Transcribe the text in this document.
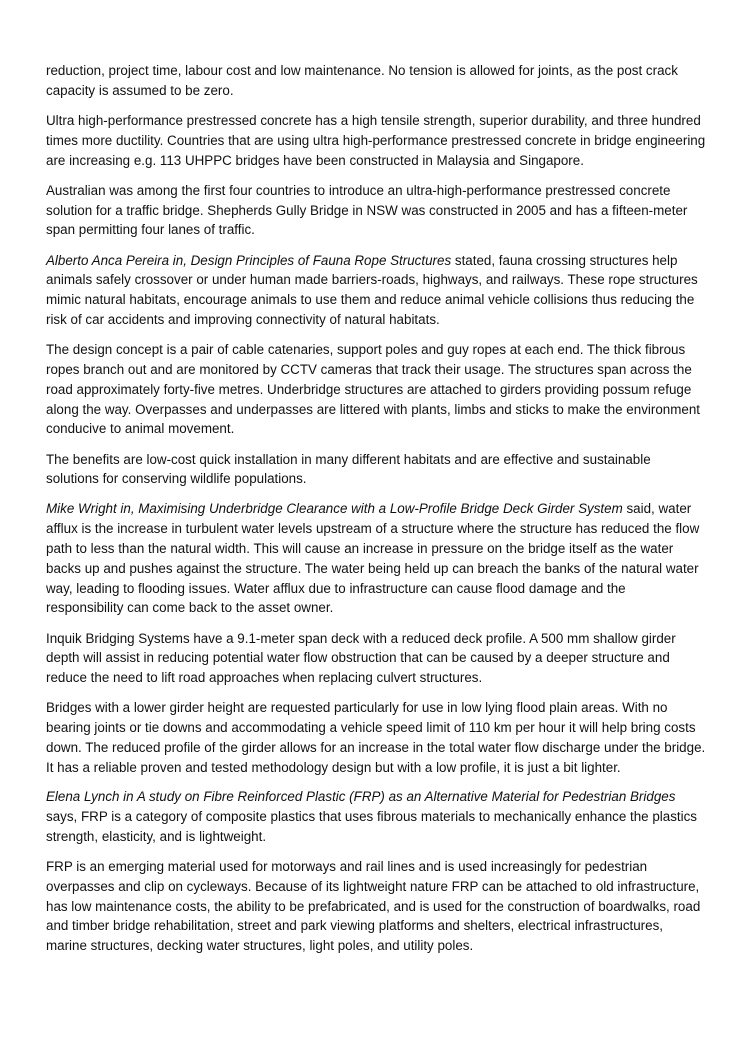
reduction, project time, labour cost and low maintenance. No tension is allowed for joints, as the post crack capacity is assumed to be zero.

Ultra high-performance prestressed concrete has a high tensile strength, superior durability, and three hundred times more ductility. Countries that are using ultra high-performance prestressed concrete in bridge engineering are increasing e.g. 113 UHPPC bridges have been constructed in Malaysia and Singapore.

Australian was among the first four countries to introduce an ultra-high-performance prestressed concrete solution for a traffic bridge. Shepherds Gully Bridge in NSW was constructed in 2005 and has a fifteen-meter span permitting four lanes of traffic.

Alberto Anca Pereira in, Design Principles of Fauna Rope Structures stated, fauna crossing structures help animals safely crossover or under human made barriers-roads, highways, and railways. These rope structures mimic natural habitats, encourage animals to use them and reduce animal vehicle collisions thus reducing the risk of car accidents and improving connectivity of natural habitats.

The design concept is a pair of cable catenaries, support poles and guy ropes at each end. The thick fibrous ropes branch out and are monitored by CCTV cameras that track their usage. The structures span across the road approximately forty-five metres. Underbridge structures are attached to girders providing possum refuge along the way. Overpasses and underpasses are littered with plants, limbs and sticks to make the environment conducive to animal movement.

The benefits are low-cost quick installation in many different habitats and are effective and sustainable solutions for conserving wildlife populations.

Mike Wright in, Maximising Underbridge Clearance with a Low-Profile Bridge Deck Girder System said, water afflux is the increase in turbulent water levels upstream of a structure where the structure has reduced the flow path to less than the natural width. This will cause an increase in pressure on the bridge itself as the water backs up and pushes against the structure. The water being held up can breach the banks of the natural water way, leading to flooding issues. Water afflux due to infrastructure can cause flood damage and the responsibility can come back to the asset owner.

Inquik Bridging Systems have a 9.1-meter span deck with a reduced deck profile. A 500 mm shallow girder depth will assist in reducing potential water flow obstruction that can be caused by a deeper structure and reduce the need to lift road approaches when replacing culvert structures.

Bridges with a lower girder height are requested particularly for use in low lying flood plain areas. With no bearing joints or tie downs and accommodating a vehicle speed limit of 110 km per hour it will help bring costs down. The reduced profile of the girder allows for an increase in the total water flow discharge under the bridge. It has a reliable proven and tested methodology design but with a low profile, it is just a bit lighter.

Elena Lynch in A study on Fibre Reinforced Plastic (FRP) as an Alternative Material for Pedestrian Bridges says, FRP is a category of composite plastics that uses fibrous materials to mechanically enhance the plastics strength, elasticity, and is lightweight.

FRP is an emerging material used for motorways and rail lines and is used increasingly for pedestrian overpasses and clip on cycleways. Because of its lightweight nature FRP can be attached to old infrastructure, has low maintenance costs, the ability to be prefabricated, and is used for the construction of boardwalks, road and timber bridge rehabilitation, street and park viewing platforms and shelters, electrical infrastructures, marine structures, decking water structures, light poles, and utility poles.
